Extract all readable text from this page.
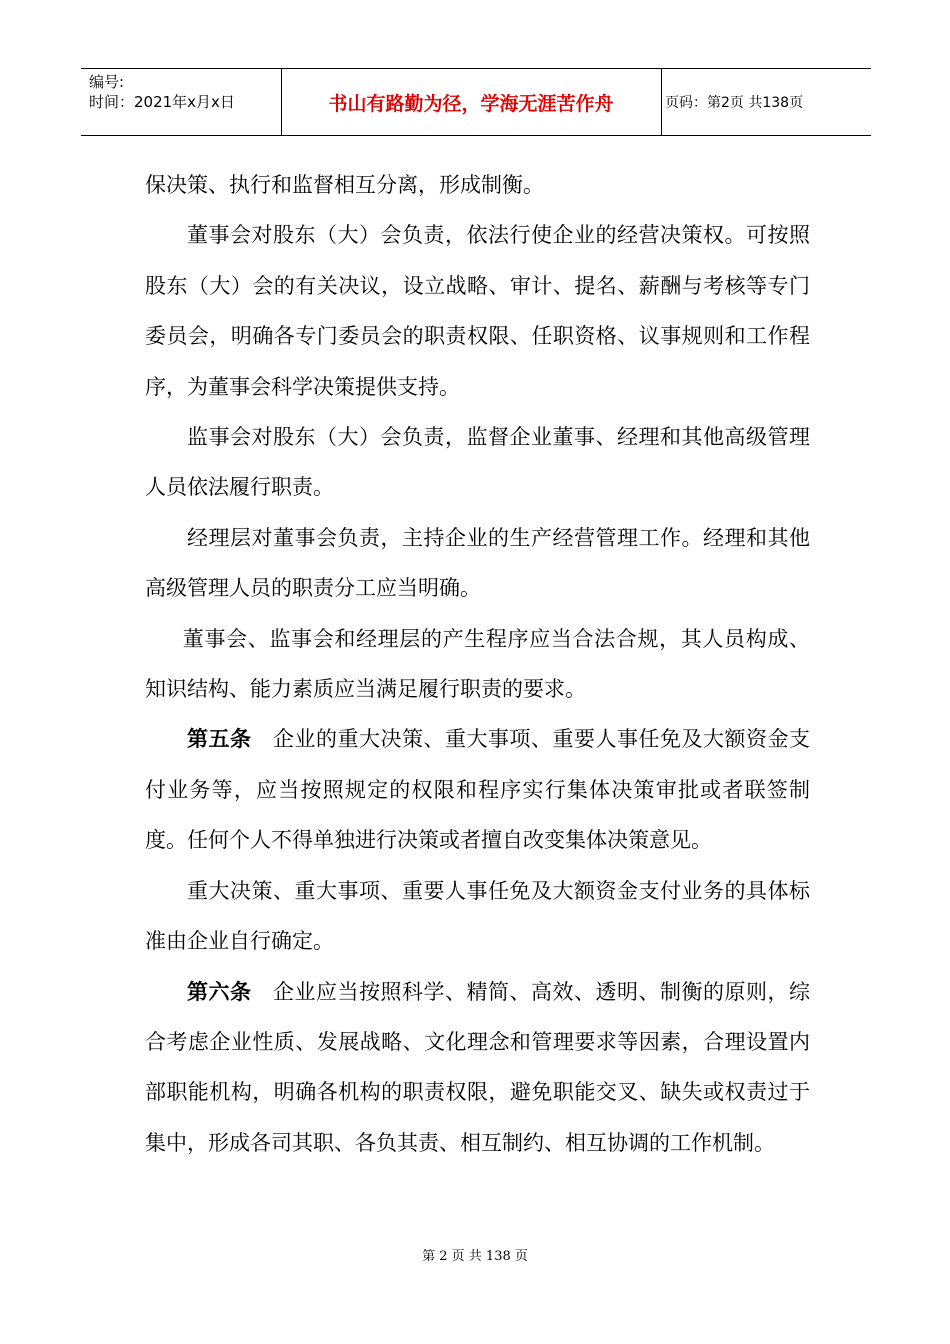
编号:
时间：2021年x月x日	书山有路勤为径，学海无涯苦作舟	页码：第2页 共138页

保决策、执行和监督相互分离，形成制衡。

董事会对股东（大）会负责，依法行使企业的经营决策权。可按照股东（大）会的有关决议，设立战略、审计、提名、薪酬与考核等专门委员会，明确各专门委员会的职责权限、任职资格、议事规则和工作程序，为董事会科学决策提供支持。

监事会对股东（大）会负责，监督企业董事、经理和其他高级管理人员依法履行职责。

经理层对董事会负责，主持企业的生产经营管理工作。经理和其他高级管理人员的职责分工应当明确。

董事会、监事会和经理层的产生程序应当合法合规，其人员构成、知识结构、能力素质应当满足履行职责的要求。

第五条  企业的重大决策、重大事项、重要人事任免及大额资金支付业务等，应当按照规定的权限和程序实行集体决策审批或者联签制度。任何个人不得单独进行决策或者擅自改变集体决策意见。

重大决策、重大事项、重要人事任免及大额资金支付业务的具体标准由企业自行确定。

第六条  企业应当按照科学、精简、高效、透明、制衡的原则，综合考虑企业性质、发展战略、文化理念和管理要求等因素，合理设置内部职能机构，明确各机构的职责权限，避免职能交叉、缺失或权责过于集中，形成各司其职、各负其责、相互制约、相互协调的工作机制。

第 2 页 共 138 页
